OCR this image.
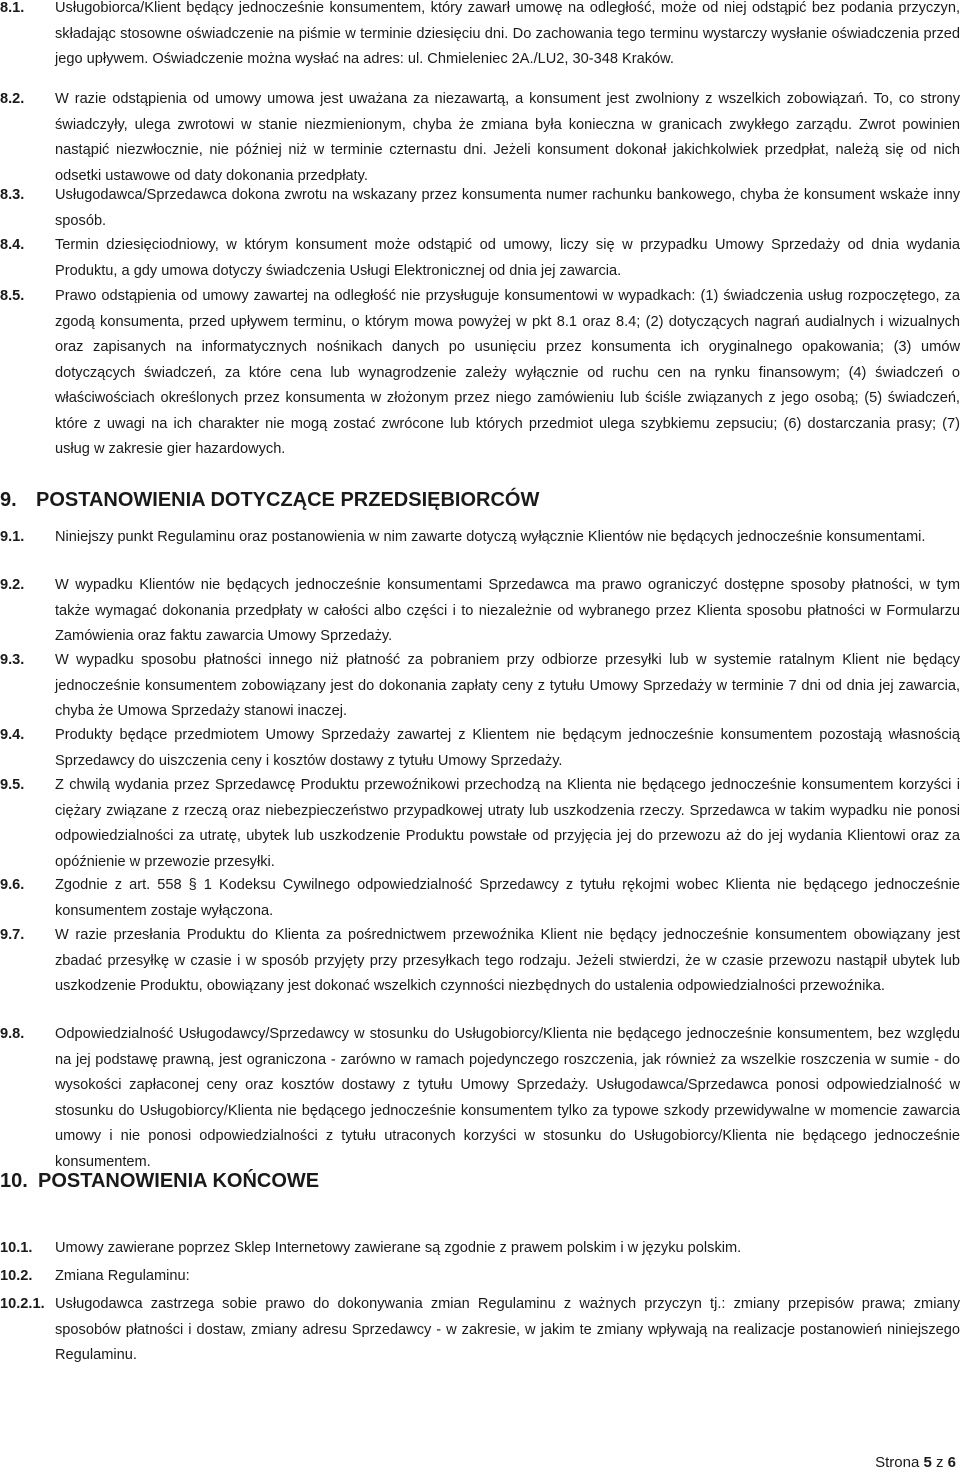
8.1. Usługobiorca/Klient będący jednocześnie konsumentem, który zawarł umowę na odległość, może od niej odstąpić bez podania przyczyn, składając stosowne oświadczenie na piśmie w terminie dziesięciu dni. Do zachowania tego terminu wystarczy wysłanie oświadczenia przed jego upływem. Oświadczenie można wysłać na adres: ul. Chmieleniec 2A./LU2, 30-348 Kraków.
8.2. W razie odstąpienia od umowy umowa jest uważana za niezawartą, a konsument jest zwolniony z wszelkich zobowiązań. To, co strony świadczyły, ulega zwrotowi w stanie niezmienionym, chyba że zmiana była konieczna w granicach zwykłego zarządu. Zwrot powinien nastąpić niezwłocznie, nie później niż w terminie czternastu dni. Jeżeli konsument dokonał jakichkolwiek przedpłat, należą się od nich odsetki ustawowe od daty dokonania przedpłaty.
8.3. Usługodawca/Sprzedawca dokona zwrotu na wskazany przez konsumenta numer rachunku bankowego, chyba że konsument wskaże inny sposób.
8.4. Termin dziesięciodniowy, w którym konsument może odstąpić od umowy, liczy się w przypadku Umowy Sprzedaży od dnia wydania Produktu, a gdy umowa dotyczy świadczenia Usługi Elektronicznej od dnia jej zawarcia.
8.5. Prawo odstąpienia od umowy zawartej na odległość nie przysługuje konsumentowi w wypadkach: (1) świadczenia usług rozpoczętego, za zgodą konsumenta, przed upływem terminu, o którym mowa powyżej w pkt 8.1 oraz 8.4; (2) dotyczących nagrań audialnych i wizualnych oraz zapisanych na informatycznych nośnikach danych po usunięciu przez konsumenta ich oryginalnego opakowania; (3) umów dotyczących świadczeń, za które cena lub wynagrodzenie zależy wyłącznie od ruchu cen na rynku finansowym; (4) świadczeń o właściwościach określonych przez konsumenta w złożonym przez niego zamówieniu lub ściśle związanych z jego osobą; (5) świadczeń, które z uwagi na ich charakter nie mogą zostać zwrócone lub których przedmiot ulega szybkiemu zepsuciu; (6) dostarczania prasy; (7) usług w zakresie gier hazardowych.
9. POSTANOWIENIA DOTYCZĄCE PRZEDSIĘBIORCÓW
9.1. Niniejszy punkt Regulaminu oraz postanowienia w nim zawarte dotyczą wyłącznie Klientów nie będących jednocześnie konsumentami.
9.2. W wypadku Klientów nie będących jednocześnie konsumentami Sprzedawca ma prawo ograniczyć dostępne sposoby płatności, w tym także wymagać dokonania przedpłaty w całości albo części i to niezależnie od wybranego przez Klienta sposobu płatności w Formularzu Zamówienia oraz faktu zawarcia Umowy Sprzedaży.
9.3. W wypadku sposobu płatności innego niż płatność za pobraniem przy odbiorze przesyłki lub w systemie ratalnym Klient nie będący jednocześnie konsumentem zobowiązany jest do dokonania zapłaty ceny z tytułu Umowy Sprzedaży w terminie 7 dni od dnia jej zawarcia, chyba że Umowa Sprzedaży stanowi inaczej.
9.4. Produkty będące przedmiotem Umowy Sprzedaży zawartej z Klientem nie będącym jednocześnie konsumentem pozostają własnością Sprzedawcy do uiszczenia ceny i kosztów dostawy z tytułu Umowy Sprzedaży.
9.5. Z chwilą wydania przez Sprzedawcę Produktu przewoźnikowi przechodzą na Klienta nie będącego jednocześnie konsumentem korzyści i ciężary związane z rzeczą oraz niebezpieczeństwo przypadkowej utraty lub uszkodzenia rzeczy. Sprzedawca w takim wypadku nie ponosi odpowiedzialności za utratę, ubytek lub uszkodzenie Produktu powstałe od przyjęcia jej do przewozu aż do jej wydania Klientowi oraz za opóźnienie w przewozie przesyłki.
9.6. Zgodnie z art. 558 § 1 Kodeksu Cywilnego odpowiedzialność Sprzedawcy z tytułu rękojmi wobec Klienta nie będącego jednocześnie konsumentem zostaje wyłączona.
9.7. W razie przesłania Produktu do Klienta za pośrednictwem przewoźnika Klient nie będący jednocześnie konsumentem obowiązany jest zbadać przesyłkę w czasie i w sposób przyjęty przy przesyłkach tego rodzaju. Jeżeli stwierdzi, że w czasie przewozu nastąpił ubytek lub uszkodzenie Produktu, obowiązany jest dokonać wszelkich czynności niezbędnych do ustalenia odpowiedzialności przewoźnika.
9.8. Odpowiedzialność Usługodawcy/Sprzedawcy w stosunku do Usługobiorcy/Klienta nie będącego jednocześnie konsumentem, bez względu na jej podstawę prawną, jest ograniczona - zarówno w ramach pojedynczego roszczenia, jak również za wszelkie roszczenia w sumie - do wysokości zapłaconej ceny oraz kosztów dostawy z tytułu Umowy Sprzedaży. Usługodawca/Sprzedawca ponosi odpowiedzialność w stosunku do Usługobiorcy/Klienta nie będącego jednocześnie konsumentem tylko za typowe szkody przewidywalne w momencie zawarcia umowy i nie ponosi odpowiedzialności z tytułu utraconych korzyści w stosunku do Usługobiorcy/Klienta nie będącego jednocześnie konsumentem.
10. POSTANOWIENIA KOŃCOWE
10.1. Umowy zawierane poprzez Sklep Internetowy zawierane są zgodnie z prawem polskim i w języku polskim.
10.2. Zmiana Regulaminu:
10.2.1. Usługodawca zastrzega sobie prawo do dokonywania zmian Regulaminu z ważnych przyczyn tj.: zmiany przepisów prawa; zmiany sposobów płatności i dostaw, zmiany adresu Sprzedawcy - w zakresie, w jakim te zmiany wpływają na realizacje postanowień niniejszego Regulaminu.
Strona 5 z 6
